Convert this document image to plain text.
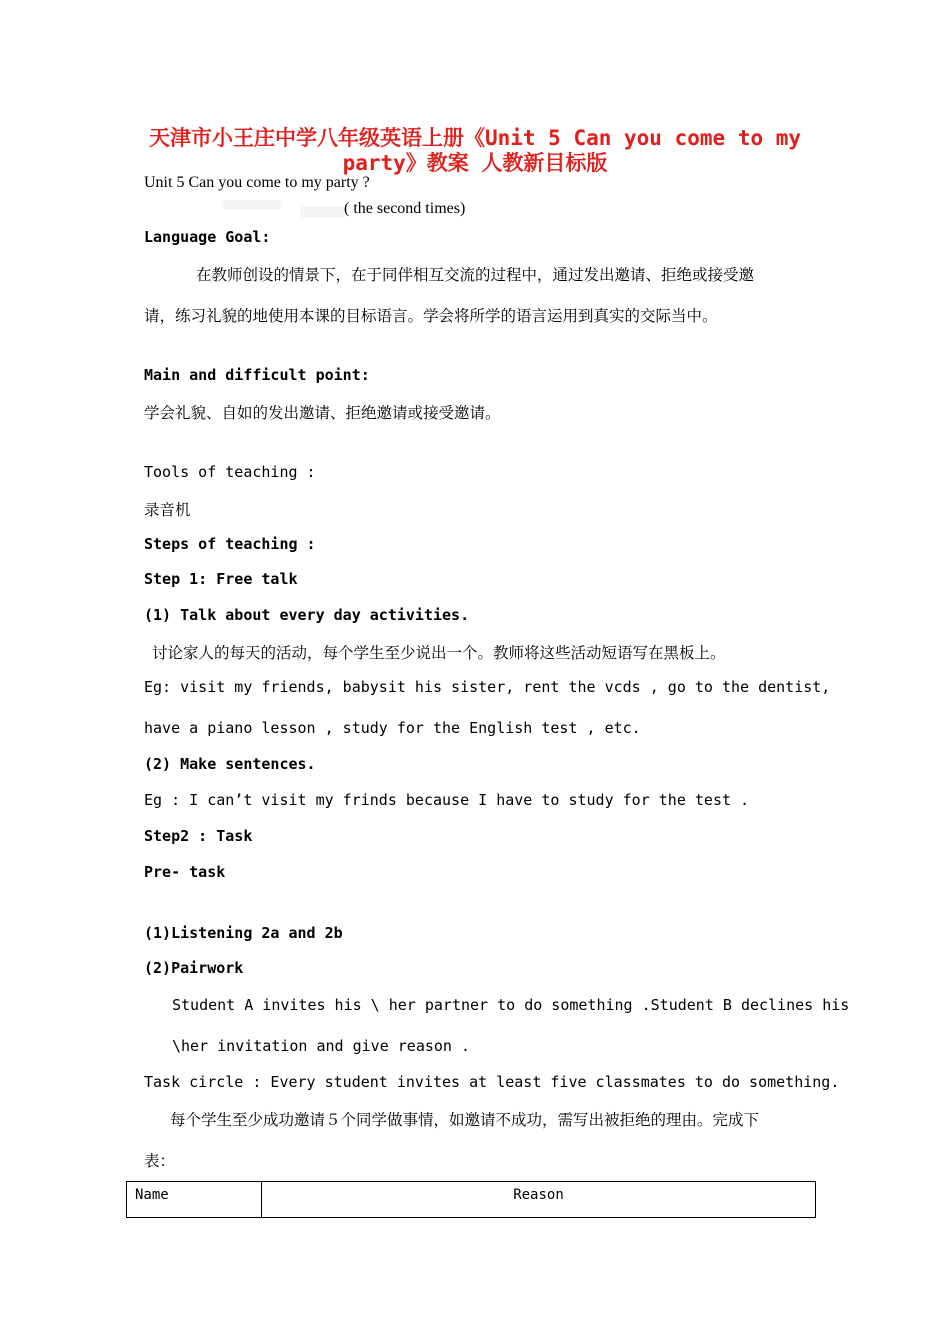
天津市小王庄中学八年级英语上册《Unit 5 Can you come to my
party》教案 人教新目标版
Unit 5 Can you come to my party ?
( the second times)
Language Goal:
在教师创设的情景下，在于同伴相互交流的过程中，通过发出邀请、拒绝或接受邀
请，练习礼貌的地使用本课的目标语言。学会将所学的语言运用到真实的交际当中。
Main and difficult point:
学会礼貌、自如的发出邀请、拒绝邀请或接受邀请。
Tools of teaching :
录音机
Steps of teaching :
Step 1: Free talk
(1) Talk about every day activities.
讨论家人的每天的活动，每个学生至少说出一个。教师将这些活动短语写在黑板上。
Eg: visit my friends, babysit his sister, rent the vcds , go to the dentist,
have a piano lesson , study for the English test , etc.
(2) Make sentences.
Eg : I can’t visit my frinds because I have to study for the test .
Step2 : Task
Pre- task
(1)Listening 2a and 2b
(2)Pairwork
Student A invites his \ her partner to do something .Student B declines his
\her invitation and give reason .
Task circle : Every student invites at least five classmates to do something.
每个学生至少成功邀请５个同学做事情，如邀请不成功，需写出被拒绝的理由。完成下
表：
Name	Reason
